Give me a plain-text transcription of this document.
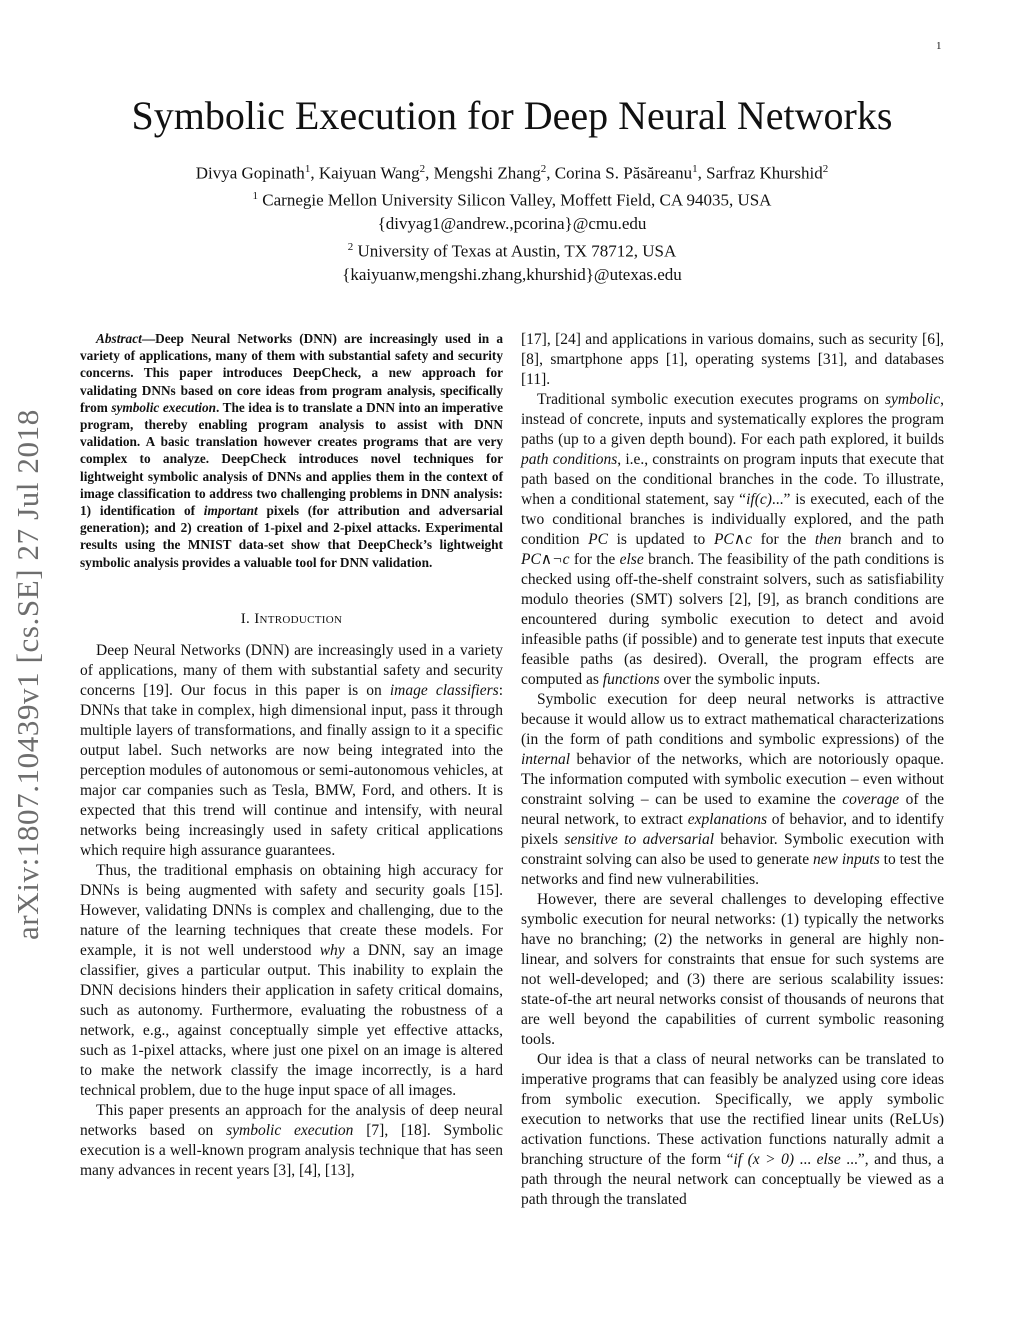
1
arXiv:1807.10439v1 [cs.SE] 27 Jul 2018
Symbolic Execution for Deep Neural Networks
Divya Gopinath$^1$, Kaiyuan Wang$^2$, Mengshi Zhang$^2$, Corina S. Păsăreanu$^1$, Sarfraz Khurshid$^2$
$^1$ Carnegie Mellon University Silicon Valley, Moffett Field, CA 94035, USA
{divyag1@andrew.,pcorina}@cmu.edu
$^2$ University of Texas at Austin, TX 78712, USA
{kaiyuanw,mengshi.zhang,khurshid}@utexas.edu

Abstract—Deep Neural Networks (DNN) are increasingly used in a variety of applications, many of them with substantial safety and security concerns. This paper introduces DeepCheck, a new approach for validating DNNs based on core ideas from program analysis, specifically from symbolic execution. The idea is to translate a DNN into an imperative program, thereby enabling program analysis to assist with DNN validation. A basic translation however creates programs that are very complex to analyze. DeepCheck introduces novel techniques for lightweight symbolic analysis of DNNs and applies them in the context of image classification to address two challenging problems in DNN analysis: 1) identification of important pixels (for attribution and adversarial generation); and 2) creation of 1-pixel and 2-pixel attacks. Experimental results using the MNIST data-set show that DeepCheck’s lightweight symbolic analysis provides a valuable tool for DNN validation.

I. Introduction

Deep Neural Networks (DNN) are increasingly used in a variety of applications, many of them with substantial safety and security concerns [19]. Our focus in this paper is on image classifiers: DNNs that take in complex, high dimensional input, pass it through multiple layers of transformations, and finally assign to it a specific output label. Such networks are now being integrated into the perception modules of autonomous or semi-autonomous vehicles, at major car companies such as Tesla, BMW, Ford, and others. It is expected that this trend will continue and intensify, with neural networks being increasingly used in safety critical applications which require high assurance guarantees.

Thus, the traditional emphasis on obtaining high accuracy for DNNs is being augmented with safety and security goals [15]. However, validating DNNs is complex and challenging, due to the nature of the learning techniques that create these models. For example, it is not well understood why a DNN, say an image classifier, gives a particular output. This inability to explain the DNN decisions hinders their application in safety critical domains, such as autonomy. Furthermore, evaluating the robustness of a network, e.g., against conceptually simple yet effective attacks, such as 1-pixel attacks, where just one pixel on an image is altered to make the network classify the image incorrectly, is a hard technical problem, due to the huge input space of all images.

This paper presents an approach for the analysis of deep neural networks based on symbolic execution [7], [18]. Symbolic execution is a well-known program analysis technique that has seen many advances in recent years [3], [4], [13],

[17], [24] and applications in various domains, such as security [6], [8], smartphone apps [1], operating systems [31], and databases [11].

Traditional symbolic execution executes programs on symbolic, instead of concrete, inputs and systematically explores the program paths (up to a given depth bound). For each path explored, it builds path conditions, i.e., constraints on program inputs that execute that path based on the conditional branches in the code. To illustrate, when a conditional statement, say “if(c)...” is executed, each of the two conditional branches is individually explored, and the path condition PC is updated to PC∧c for the then branch and to PC∧¬c for the else branch. The feasibility of the path conditions is checked using off-the-shelf constraint solvers, such as satisfiability modulo theories (SMT) solvers [2], [9], as branch conditions are encountered during symbolic execution to detect and avoid infeasible paths (if possible) and to generate test inputs that execute feasible paths (as desired). Overall, the program effects are computed as functions over the symbolic inputs.

Symbolic execution for deep neural networks is attractive because it would allow us to extract mathematical characterizations (in the form of path conditions and symbolic expressions) of the internal behavior of the networks, which are notoriously opaque. The information computed with symbolic execution – even without constraint solving – can be used to examine the coverage of the neural network, to extract explanations of behavior, and to identify pixels sensitive to adversarial behavior. Symbolic execution with constraint solving can also be used to generate new inputs to test the networks and find new vulnerabilities.

However, there are several challenges to developing effective symbolic execution for neural networks: (1) typically the networks have no branching; (2) the networks in general are highly non-linear, and solvers for constraints that ensue for such systems are not well-developed; and (3) there are serious scalability issues: state-of-the art neural networks consist of thousands of neurons that are well beyond the capabilities of current symbolic reasoning tools.

Our idea is that a class of neural networks can be translated to imperative programs that can feasibly be analyzed using core ideas from symbolic execution. Specifically, we apply symbolic execution to networks that use the rectified linear units (ReLUs) activation functions. These activation functions naturally admit a branching structure of the form “if (x > 0) ... else ...”, and thus, a path through the neural network can conceptually be viewed as a path through the translated
